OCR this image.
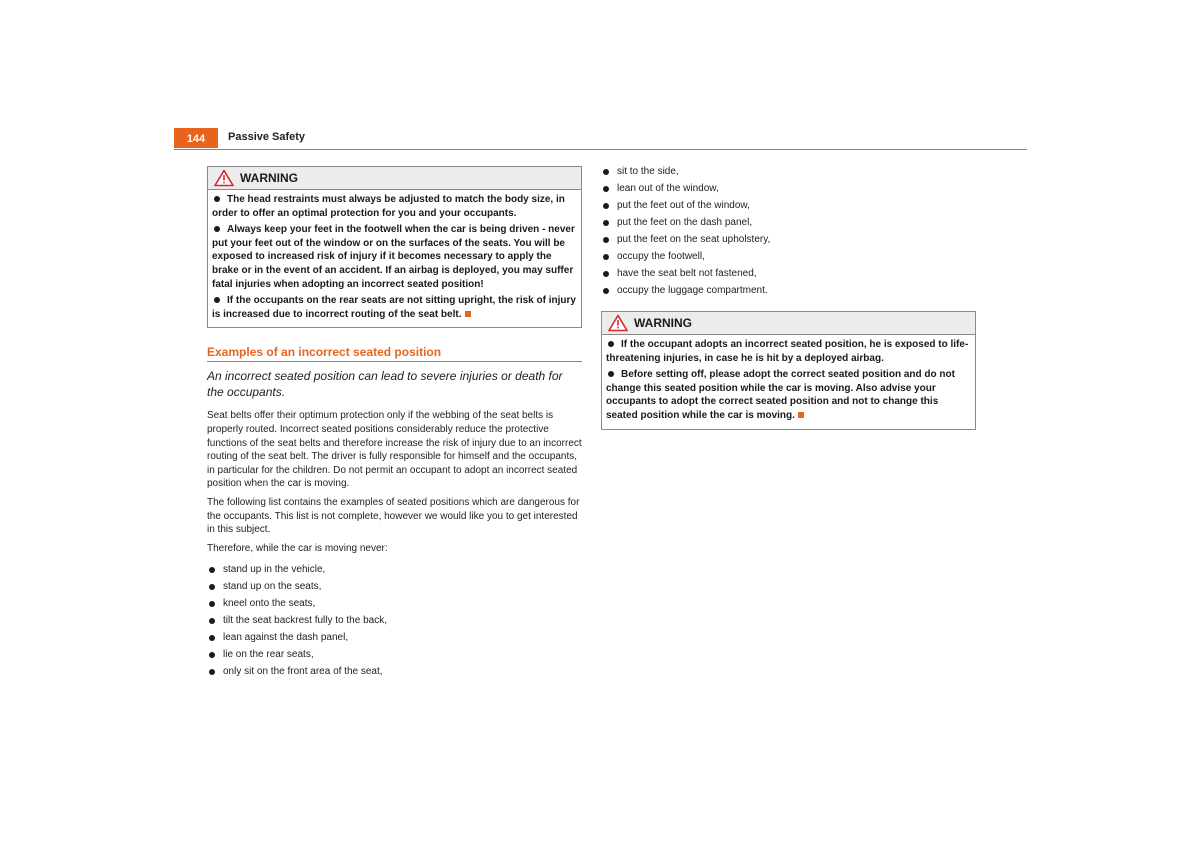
144	Passive Safety
WARNING

The head restraints must always be adjusted to match the body size, in order to offer an optimal protection for you and your occupants.

Always keep your feet in the footwell when the car is being driven - never put your feet out of the window or on the surfaces of the seats. You will be exposed to increased risk of injury if it becomes necessary to apply the brake or in the event of an accident. If an airbag is deployed, you may suffer fatal injuries when adopting an incorrect seated position!

If the occupants on the rear seats are not sitting upright, the risk of injury is increased due to incorrect routing of the seat belt.

Examples of an incorrect seated position

An incorrect seated position can lead to severe injuries or death for the occupants.

Seat belts offer their optimum protection only if the webbing of the seat belts is properly routed. Incorrect seated positions considerably reduce the protective functions of the seat belts and therefore increase the risk of injury due to an incorrect routing of the seat belt. The driver is fully responsible for himself and the occupants, in particular for the children. Do not permit an occupant to adopt an incorrect seated position when the car is moving.

The following list contains the examples of seated positions which are dangerous for the occupants. This list is not complete, however we would like you to get interested in this subject.

Therefore, while the car is moving never:

stand up in the vehicle,
stand up on the seats,
kneel onto the seats,
tilt the seat backrest fully to the back,
lean against the dash panel,
lie on the rear seats,
only sit on the front area of the seat,
sit to the side,
lean out of the window,
put the feet out of the window,
put the feet on the dash panel,
put the feet on the seat upholstery,
occupy the footwell,
have the seat belt not fastened,
occupy the luggage compartment.
WARNING

If the occupant adopts an incorrect seated position, he is exposed to life-threatening injuries, in case he is hit by a deployed airbag.

Before setting off, please adopt the correct seated position and do not change this seated position while the car is moving. Also advise your occupants to adopt the correct seated position and not to change this seated position while the car is moving.
